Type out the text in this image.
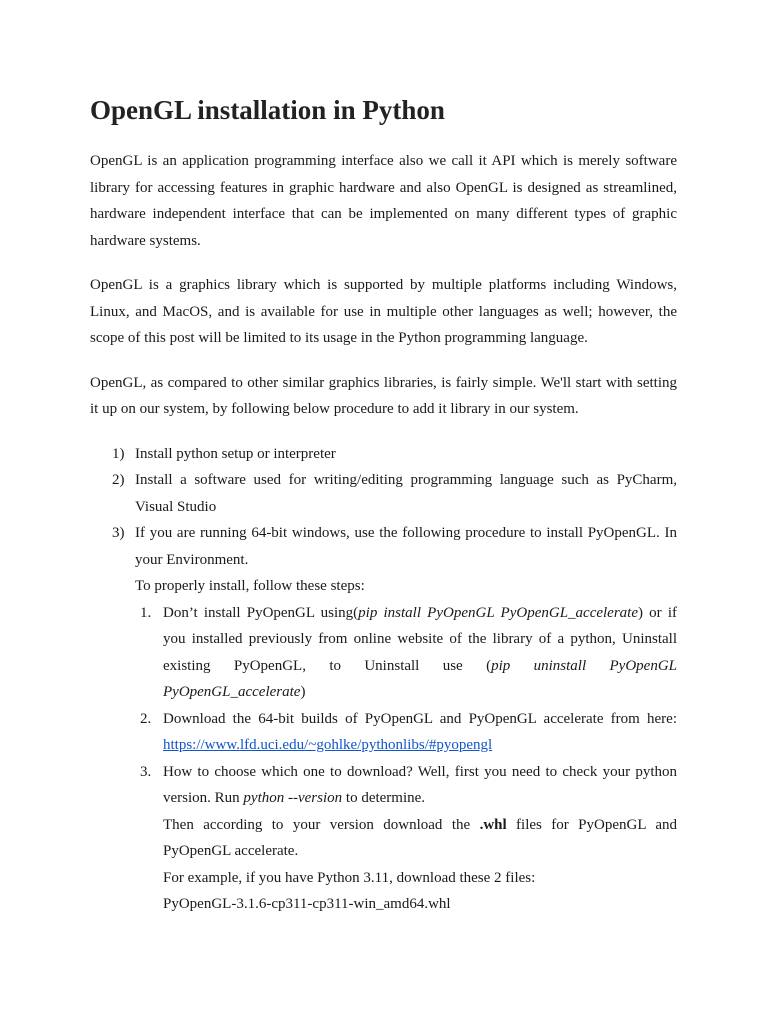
OpenGL installation in Python

OpenGL is an application programming interface also we call it API which is merely software library for accessing features in graphic hardware and also OpenGL is designed as streamlined, hardware independent interface that can be implemented on many different types of graphic hardware systems.

OpenGL is a graphics library which is supported by multiple platforms including Windows, Linux, and MacOS, and is available for use in multiple other languages as well; however, the scope of this post will be limited to its usage in the Python programming language.

OpenGL, as compared to other similar graphics libraries, is fairly simple. We'll start with setting it up on our system, by following below procedure to add it library in our system.

1) Install python setup or interpreter
2) Install a software used for writing/editing programming language such as PyCharm, Visual Studio
3) If you are running 64-bit windows, use the following procedure to install PyOpenGL. In your Environment.
To properly install, follow these steps:
1. Don’t install PyOpenGL using(pip install PyOpenGL PyOpenGL_accelerate) or if you installed previously from online website of the library of a python, Uninstall existing PyOpenGL, to Uninstall use (pip uninstall PyOpenGL PyOpenGL_accelerate)
2. Download the 64-bit builds of PyOpenGL and PyOpenGL accelerate from here: https://www.lfd.uci.edu/~gohlke/pythonlibs/#pyopengl
3. How to choose which one to download? Well, first you need to check your python version. Run python --version to determine.
Then according to your version download the .whl files for PyOpenGL and PyOpenGL accelerate.
For example, if you have Python 3.11, download these 2 files:
PyOpenGL-3.1.6-cp311-cp311-win_amd64.whl
